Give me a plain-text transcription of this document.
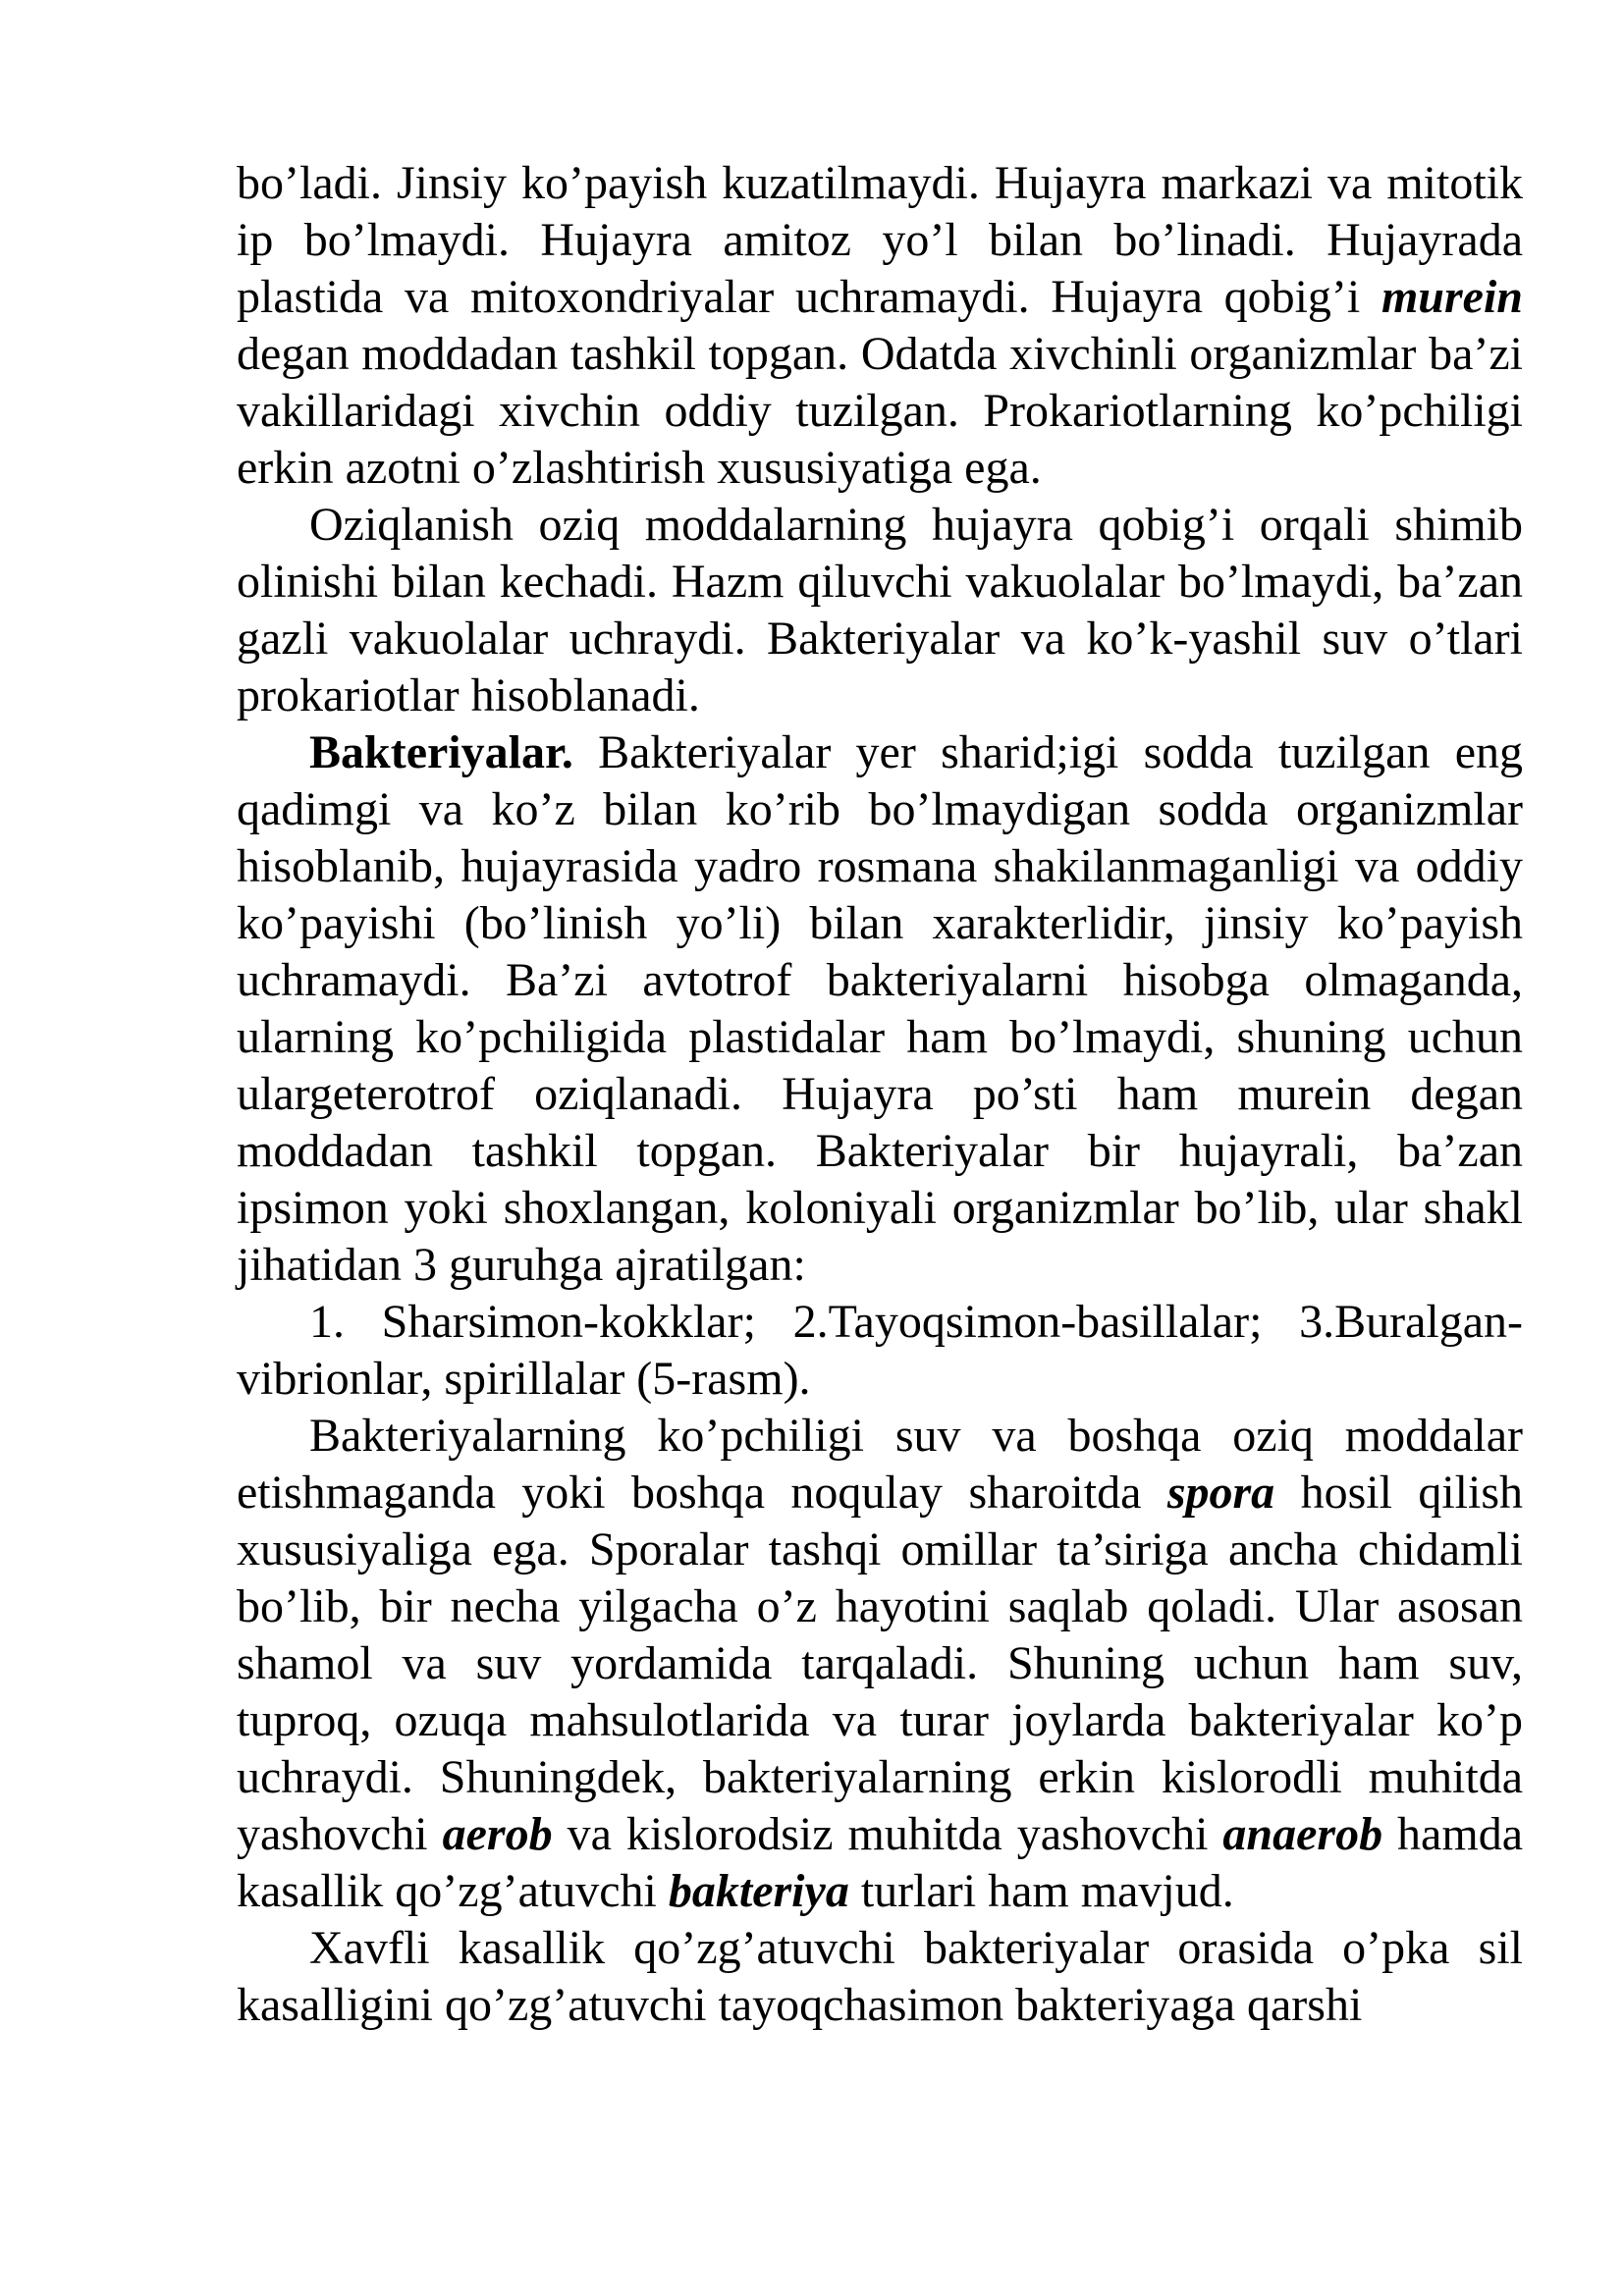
bo’ladi. Jinsiy ko’payish kuzatilmaydi. Hujayra markazi va mitotik ip bo’lmaydi. Hujayra amitoz yo’l bilan bo’linadi. Hujayrada plastida va mitoxondriyalar uchramaydi. Hujayra qobig’i murein degan moddadan tashkil topgan. Odatda xivchinli organizmlar ba’zi vakillaridagi xivchin oddiy tuzilgan. Prokariotlarning ko’pchiligi erkin azotni o’zlashtirish xususiyatiga ega.

Oziqlanish oziq moddalarning hujayra qobig’i orqali shimib olinishi bilan kechadi. Hazm qiluvchi vakuolalar bo’lmaydi, ba’zan gazli vakuolalar uchraydi. Bakteriyalar va ko’k-yashil suv o’tlari prokariotlar hisoblanadi.

Bakteriyalar. Bakteriyalar yer sharid;igi sodda tuzilgan eng qadimgi va ko’z bilan ko’rib bo’lmaydigan sodda organizmlar hisoblanib, hujayrasida yadro rosmana shakilanmaganligi va oddiy ko’payishi (bo’linish yo’li) bilan xarakterlidir, jinsiy ko’payish uchramaydi. Ba’zi avtotrof bakteriyalarni hisobga olmaganda, ularning ko’pchiligida plastidalar ham bo’lmaydi, shuning uchun ulargeterotrof oziqlanadi. Hujayra po’sti ham murein degan moddadan tashkil topgan. Bakteriyalar bir hujayrali, ba’zan ipsimon yoki shoxlangan, koloniyali organizmlar bo’lib, ular shakl jihatidan 3 guruhga ajratilgan:

1. Sharsimon-kokklar; 2.Tayoqsimon-basillalar; 3.Buralgan-vibrionlar, spirillalar (5-rasm).

Bakteriyalarning ko’pchiligi suv va boshqa oziq moddalar etishmaganda yoki boshqa noqulay sharoitda spora hosil qilish xususiyaliga ega. Sporalar tashqi omillar ta’siriga ancha chidamli bo’lib, bir necha yilgacha o’z hayotini saqlab qoladi. Ular asosan shamol va suv yordamida tarqaladi. Shuning uchun ham suv, tuproq, ozuqa mahsulotlarida va turar joylarda bakteriyalar ko’p uchraydi. Shuningdek, bakteriyalarning erkin kislorodli muhitda yashovchi aerob va kislorodsiz muhitda yashovchi anaerob hamda kasallik qo’zg’atuvchi bakteriya turlari ham mavjud.

Xavfli kasallik qo’zg’atuvchi bakteriyalar orasida o’pka sil kasalligini qo’zg’atuvchi tayoqchasimon bakteriyaga qarshi
